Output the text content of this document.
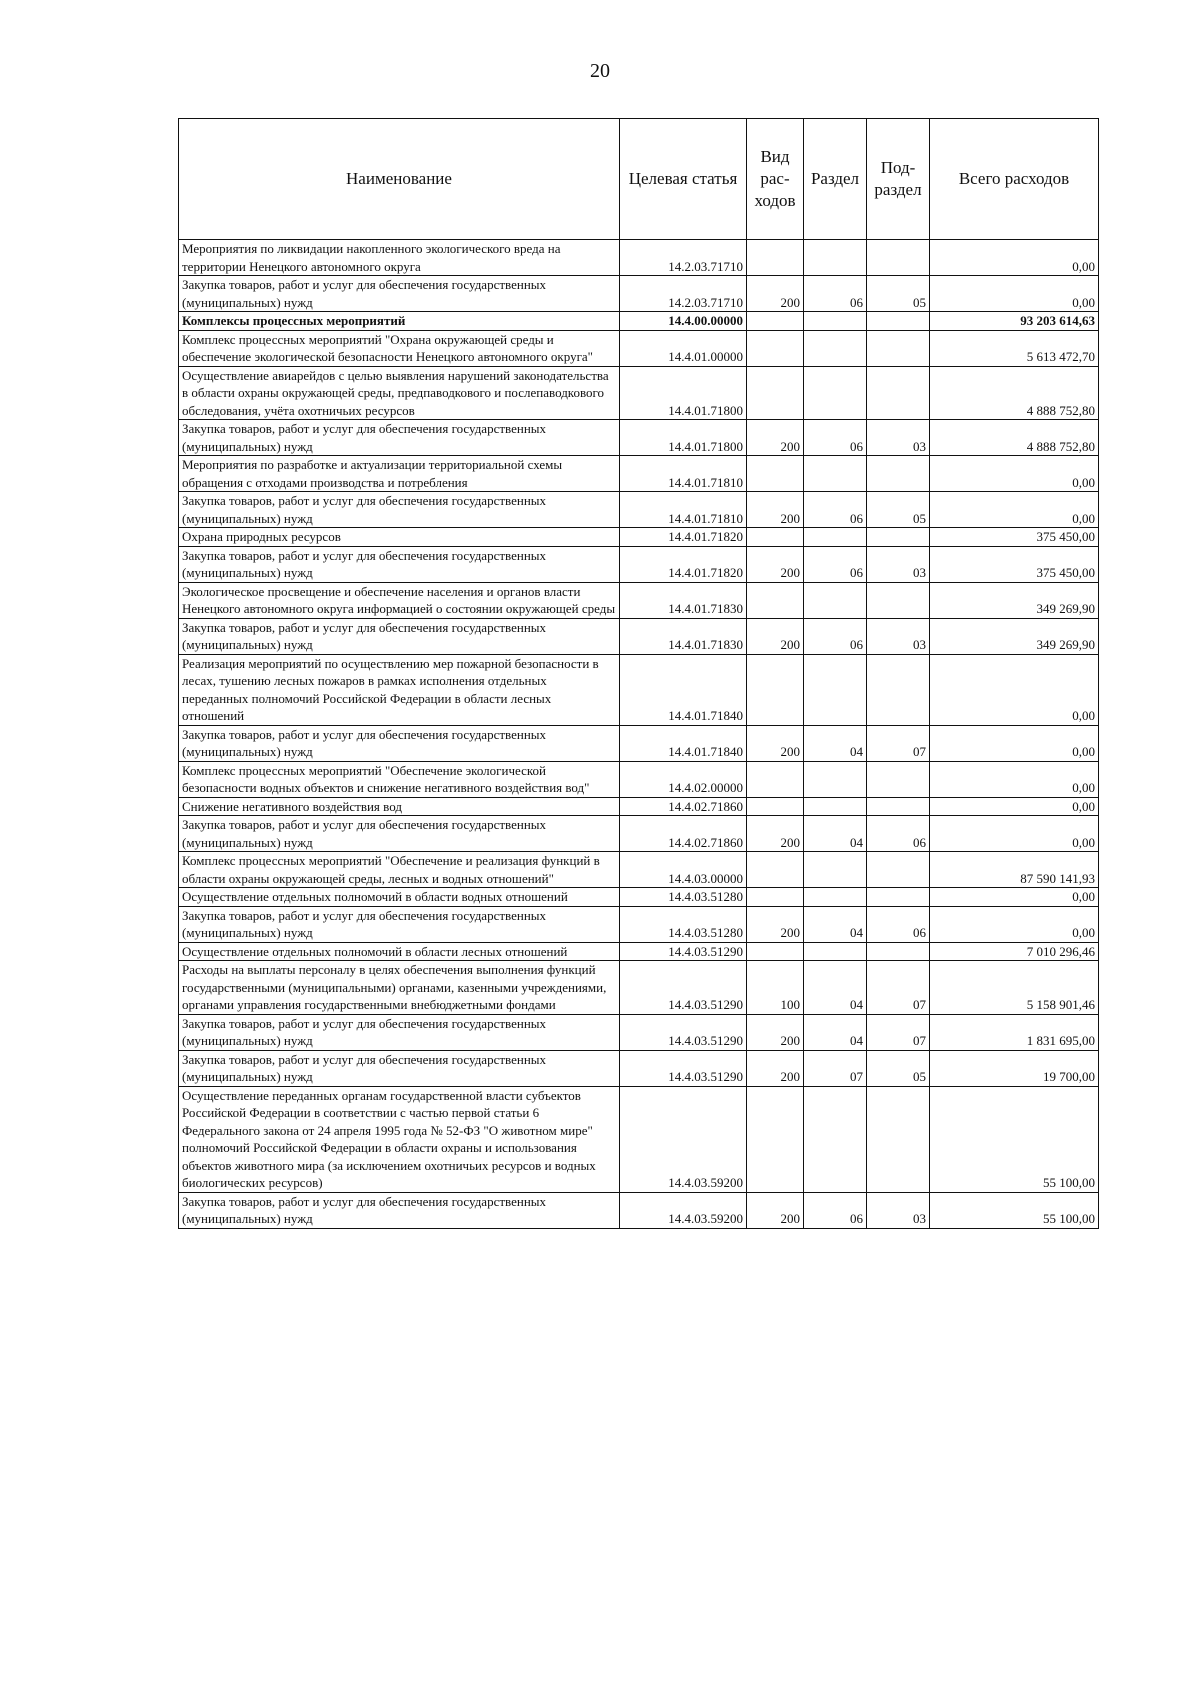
20
Наименование	Целевая статья	Вид рас-ходов	Раздел	Под-раздел	Всего расходов
Мероприятия по ликвидации накопленного экологического вреда на территории Ненецкого автономного округа	14.2.03.71710				0,00
Закупка товаров, работ и услуг для обеспечения государственных (муниципальных) нужд	14.2.03.71710	200	06	05	0,00
Комплексы процессных мероприятий	14.4.00.00000				93 203 614,63
Комплекс процессных мероприятий "Охрана окружающей среды и обеспечение экологической безопасности Ненецкого автономного округа"	14.4.01.00000				5 613 472,70
Осуществление авиарейдов с целью выявления нарушений законодательства в области охраны окружающей среды, предпаводкового и послепаводкового обследования, учёта охотничьих ресурсов	14.4.01.71800				4 888 752,80
Закупка товаров, работ и услуг для обеспечения государственных (муниципальных) нужд	14.4.01.71800	200	06	03	4 888 752,80
Мероприятия по разработке и актуализации территориальной схемы обращения с отходами производства и потребления	14.4.01.71810				0,00
Закупка товаров, работ и услуг для обеспечения государственных (муниципальных) нужд	14.4.01.71810	200	06	05	0,00
Охрана природных ресурсов	14.4.01.71820				375 450,00
Закупка товаров, работ и услуг для обеспечения государственных (муниципальных) нужд	14.4.01.71820	200	06	03	375 450,00
Экологическое просвещение и обеспечение населения и органов власти Ненецкого автономного округа информацией о состоянии окружающей среды	14.4.01.71830				349 269,90
Закупка товаров, работ и услуг для обеспечения государственных (муниципальных) нужд	14.4.01.71830	200	06	03	349 269,90
Реализация мероприятий по осуществлению мер пожарной безопасности в лесах, тушению лесных пожаров в рамках исполнения отдельных переданных полномочий Российской Федерации в области лесных отношений	14.4.01.71840				0,00
Закупка товаров, работ и услуг для обеспечения государственных (муниципальных) нужд	14.4.01.71840	200	04	07	0,00
Комплекс процессных мероприятий "Обеспечение экологической безопасности водных объектов и снижение негативного воздействия вод"	14.4.02.00000				0,00
Снижение негативного воздействия вод	14.4.02.71860				0,00
Закупка товаров, работ и услуг для обеспечения государственных (муниципальных) нужд	14.4.02.71860	200	04	06	0,00
Комплекс процессных мероприятий "Обеспечение и реализация функций в области охраны окружающей среды, лесных и водных отношений"	14.4.03.00000				87 590 141,93
Осуществление отдельных полномочий в области водных отношений	14.4.03.51280				0,00
Закупка товаров, работ и услуг для обеспечения государственных (муниципальных) нужд	14.4.03.51280	200	04	06	0,00
Осуществление отдельных полномочий в области лесных отношений	14.4.03.51290				7 010 296,46
Расходы на выплаты персоналу в целях обеспечения выполнения функций государственными (муниципальными) органами, казенными учреждениями, органами управления государственными внебюджетными фондами	14.4.03.51290	100	04	07	5 158 901,46
Закупка товаров, работ и услуг для обеспечения государственных (муниципальных) нужд	14.4.03.51290	200	04	07	1 831 695,00
Закупка товаров, работ и услуг для обеспечения государственных (муниципальных) нужд	14.4.03.51290	200	07	05	19 700,00
Осуществление переданных органам государственной власти субъектов Российской Федерации в соответствии с частью первой статьи 6 Федерального закона от 24 апреля 1995 года № 52-ФЗ "О животном мире" полномочий Российской Федерации в области охраны и использования объектов животного мира (за исключением охотничьих ресурсов и водных биологических ресурсов)	14.4.03.59200				55 100,00
Закупка товаров, работ и услуг для обеспечения государственных (муниципальных) нужд	14.4.03.59200	200	06	03	55 100,00
